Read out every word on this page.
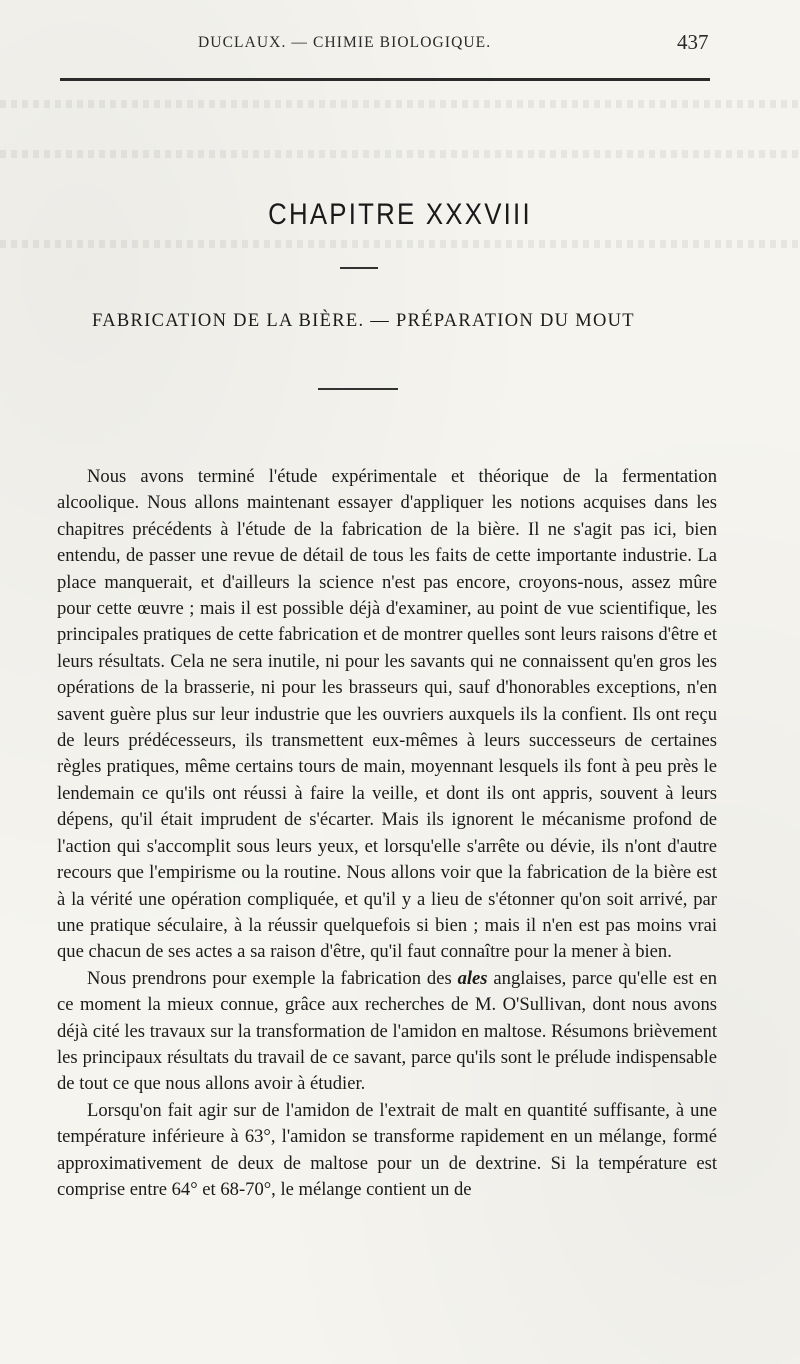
DUCLAUX. — CHIMIE BIOLOGIQUE.	437
CHAPITRE XXXVIII
FABRICATION DE LA BIÈRE. — PRÉPARATION DU MOUT

Nous avons terminé l'étude expérimentale et théorique de la fermentation alcoolique. Nous allons maintenant essayer d'appliquer les notions acquises dans les chapitres précédents à l'étude de la fabrication de la bière. Il ne s'agit pas ici, bien entendu, de passer une revue de détail de tous les faits de cette importante industrie. La place manquerait, et d'ailleurs la science n'est pas encore, croyons-nous, assez mûre pour cette œuvre ; mais il est possible déjà d'examiner, au point de vue scientifique, les principales pratiques de cette fabrication et de montrer quelles sont leurs raisons d'être et leurs résultats. Cela ne sera inutile, ni pour les savants qui ne connaissent qu'en gros les opérations de la brasserie, ni pour les brasseurs qui, sauf d'honorables exceptions, n'en savent guère plus sur leur industrie que les ouvriers auxquels ils la confient. Ils ont reçu de leurs prédécesseurs, ils transmettent eux-mêmes à leurs successeurs de certaines règles pratiques, même certains tours de main, moyennant lesquels ils font à peu près le lendemain ce qu'ils ont réussi à faire la veille, et dont ils ont appris, souvent à leurs dépens, qu'il était imprudent de s'écarter. Mais ils ignorent le mécanisme profond de l'action qui s'accomplit sous leurs yeux, et lorsqu'elle s'arrête ou dévie, ils n'ont d'autre recours que l'empirisme ou la routine. Nous allons voir que la fabrication de la bière est à la vérité une opération compliquée, et qu'il y a lieu de s'étonner qu'on soit arrivé, par une pratique séculaire, à la réussir quelquefois si bien ; mais il n'en est pas moins vrai que chacun de ses actes a sa raison d'être, qu'il faut connaître pour la mener à bien.

Nous prendrons pour exemple la fabrication des ales anglaises, parce qu'elle est en ce moment la mieux connue, grâce aux recherches de M. O'Sullivan, dont nous avons déjà cité les travaux sur la transformation de l'amidon en maltose. Résumons brièvement les principaux résultats du travail de ce savant, parce qu'ils sont le prélude indispensable de tout ce que nous allons avoir à étudier.

Lorsqu'on fait agir sur de l'amidon de l'extrait de malt en quantité suffisante, à une température inférieure à 63°, l'amidon se transforme rapidement en un mélange, formé approximativement de deux de maltose pour un de dextrine. Si la température est comprise entre 64° et 68-70°, le mélange contient un de
